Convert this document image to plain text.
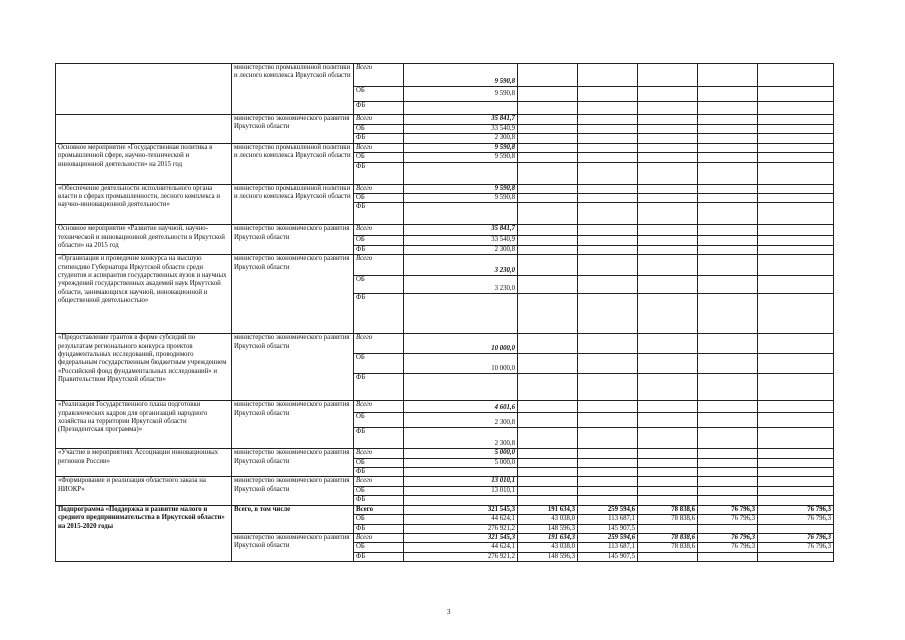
	министерство промышленной политики и лесного комплекса Иркутской области	Всего	9 590,8					
		ОБ	9 590,8					
		ФБ						
	министерство экономического развития Иркутской области	Всего	35 841,7					
		ОБ	33 540,9					
		ФБ	2 300,8					
Основное мероприятие «Государственная политика в промышленной сфере, научно-технической и инновационной деятельности» на 2015 год	министерство промышленной политики и лесного комплекса Иркутской области	Всего	9 590,8					
		ОБ	9 590,8					
		ФБ						
«Обеспечение деятельности исполнительного органа власти в сферах промышленности, лесного комплекса и научно-инновационной деятельности»	министерство промышленной политики и лесного комплекса Иркутской области	Всего	9 590,8					
		ОБ	9 590,8					
		ФБ						
Основное мероприятие «Развитие научной, научно-технической и инновационной деятельности в Иркутской области» на 2015 год	министерство экономического развития Иркутской области	Всего	35 841,7					
		ОБ	33 540,9					
		ФБ	2 300,8					
«Организация и проведение конкурса на высшую стипендию Губернатора Иркутской области среди студентов и аспирантов государственных вузов и научных учреждений государственных академий наук Иркутской области, занимающихся научной, инновационной и общественной деятельностью»	министерство экономического развития Иркутской области	Всего	3 230,0					
		ОБ	3 230,0					
		ФБ						
«Предоставление грантов в форме субсидий по результатам регионального конкурса проектов фундаментальных исследований, проводимого федеральным государственным бюджетным учреждением «Российский фонд фундаментальных исследований» и Правительством Иркутской области»	министерство экономического развития Иркутской области	Всего	10 000,0					
		ОБ	10 000,0					
		ФБ						
«Реализация Государственного плана подготовки управленческих кадров для организаций народного хозяйства на территории Иркутской области (Президентская программа)»	министерство экономического развития Иркутской области	Всего	4 601,6					
		ОБ	2 300,8					
		ФБ	2 300,8					
«Участие в мероприятиях Ассоциации инновационных регионов России»	министерство экономического развития Иркутской области	Всего	5 000,0					
		ОБ	5 000,0					
		ФБ						
«Формирование и реализация областного заказа на НИОКР»	министерство экономического развития Иркутской области	Всего	13 010,1					
		ОБ	13 010,1					
		ФБ						
Подпрограмма «Поддержка и развитие малого и среднего предпринимательства в Иркутской области» на 2015-2020 годы	Всего, в том числе	Всего	321 545,3	191 634,3	259 594,6	78 838,6	76 796,3	76 796,3
		ОБ	44 624,1	43 038,0	113 687,1	78 838,6	76 796,3	76 796,3
		ФБ	276 921,2	148 596,3	145 907,5			
	министерство экономического развития Иркутской области	Всего	321 545,3	191 634,3	259 594,6	78 838,6	76 796,3	76 796,3
		ОБ	44 624,1	43 038,0	113 687,1	78 838,6	76 796,3	76 796,3
		ФБ	276 921,2	148 596,3	145 907,5			
3
